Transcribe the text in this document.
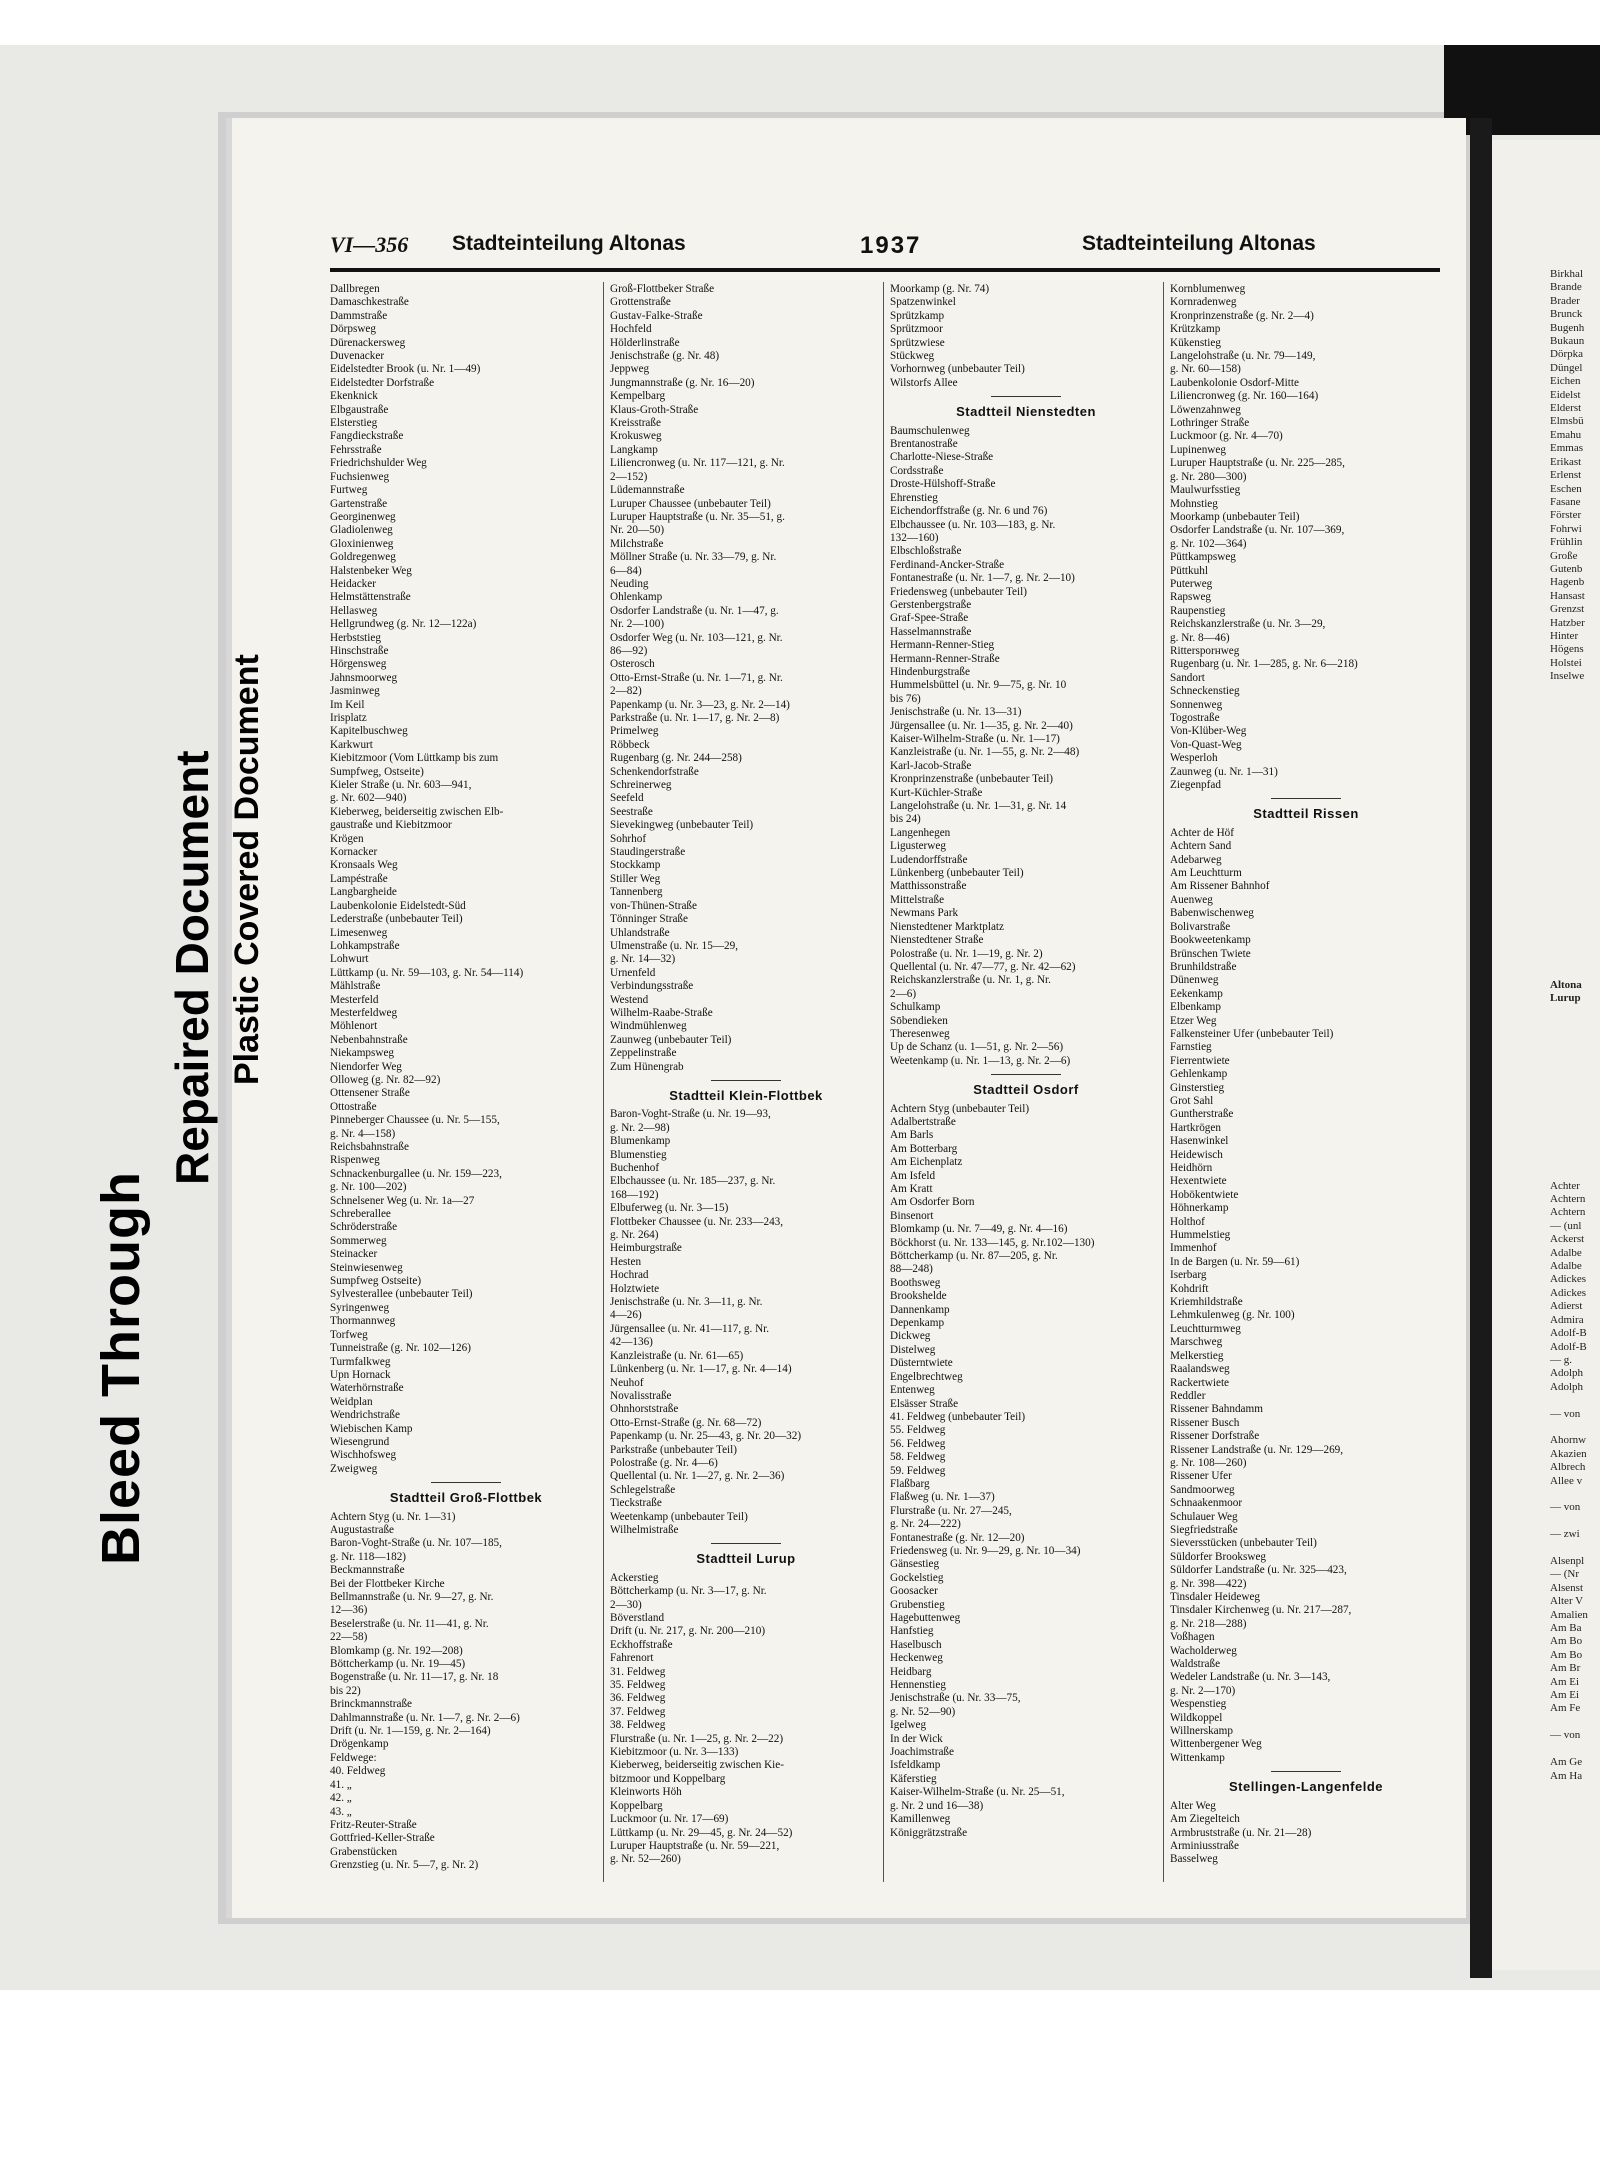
Bleed Through
Repaired Document Plastic Covered Document
VI—356 Stadteinteilung Altonas	1937	Stadteinteilung Altonas
Dallbregen
Damaschkestraße
Dammstraße
Dörpsweg
Dürenackersweg
Duvenacker
Eidelstedter Brook (u. Nr. 1—49)
Eidelstedter Dorfstraße
Ekenknick
Elbgaustraße
Elsterstieg
Fangdieckstraße
Fehrsstraße
Friedrichshulder Weg
Fuchsienweg
Furtweg
Gartenstraße
Georginenweg
Gladiolenweg
Gloxinienweg
Goldregenweg
Halstenbeker Weg
Heidacker
Helmstättenstraße
Hellasweg
Hellgrundweg (g. Nr. 12—122a)
Herbststieg
Hinschstraße
Hörgensweg
Jahnsmoorweg
Jasminweg
Im Keil
Irisplatz
Kapitelbuschweg
Karkwurt
Kiebitzmoor (Vom Lüttkamp bis zum
Sumpfweg, Ostseite)
Kieler Straße (u. Nr. 603—941,
g. Nr. 602—940)
Kieberweg, beiderseitig zwischen Elb-
gaustraße und Kiebitzmoor
Krögen
Kornacker
Kronsaals Weg
Lampéstraße
Langbargheide
Laubenkolonie Eidelstedt-Süd
Lederstraße (unbebauter Teil)
Limesenweg
Lohkampstraße
Lohwurt
Lüttkamp (u. Nr. 59—103, g. Nr. 54—114)
Mählstraße
Mesterfeld
Mesterfeldweg
Möhlenort
Nebenbahnstraße
Niekampsweg
Niendorfer Weg
Olloweg (g. Nr. 82—92)
Ottensener Straße
Ottostraße
Pinneberger Chaussee (u. Nr. 5—155,
g. Nr. 4—158)
Reichsbahnstraße
Rispenweg
Schnackenburgallee (u. Nr. 159—223,
g. Nr. 100—202)
Schnelsener Weg (u. Nr. 1a—27
Schreberallee
Schröderstraße
Sommerweg
Steinacker
Steinwiesenweg
Sumpfweg Ostseite)
Sylvesterallee (unbebauter Teil)
Syringenweg
Thormannweg
Torfweg
Tunneistraße (g. Nr. 102—126)
Turmfalkweg
Upn Hornack
Waterhörnstraße
Weidplan
Wendrichstraße
Wiebischen Kamp
Wiesengrund
Wischhofsweg
Zweigweg
Stadtteil Groß-Flottbek
Achtern Styg (u. Nr. 1—31)
Augustastraße
Baron-Voght-Straße (u. Nr. 107—185,
g. Nr. 118—182)
Beckmannstraße
Bei der Flottbeker Kirche
Bellmannstraße (u. Nr. 9—27, g. Nr.
12—36)
Beselerstraße (u. Nr. 11—41, g. Nr.
22—58)
Blomkamp (g. Nr. 192—208)
Böttcherkamp (u. Nr. 19—45)
Bogenstraße (u. Nr. 11—17, g. Nr. 18
bis 22)
Brinckmannstraße
Dahlmannstraße (u. Nr. 1—7, g. Nr. 2—6)
Drift (u. Nr. 1—159, g. Nr. 2—164)
Drögenkamp
Feldwege:
40. Feldweg
41. „
42. „
43. „
Fritz-Reuter-Straße
Gottfried-Keller-Straße
Grabenstücken
Grenzstieg (u. Nr. 5—7, g. Nr. 2)
Groß-Flottbeker Straße
Grottenstraße
Gustav-Falke-Straße
Hochfeld
Hölderlinstraße
Jenischstraße (g. Nr. 48)
Jeppweg
Jungmannstraße (g. Nr. 16—20)
Kempelbarg
Klaus-Groth-Straße
Kreisstraße
Krokusweg
Langkamp
Liliencronweg (u. Nr. 117—121, g. Nr.
2—152)
Lüdemannstraße
Luruper Chaussee (unbebauter Teil)
Luruper Hauptstraße (u. Nr. 35—51, g.
Nr. 20—50)
Milchstraße
Möllner Straße (u. Nr. 33—79, g. Nr.
6—84)
Neuding
Ohlenkamp
Osdorfer Landstraße (u. Nr. 1—47, g.
Nr. 2—100)
Osdorfer Weg (u. Nr. 103—121, g. Nr.
86—92)
Osterosch
Otto-Ernst-Straße (u. Nr. 1—71, g. Nr.
2—82)
Papenkamp (u. Nr. 3—23, g. Nr. 2—14)
Parkstraße (u. Nr. 1—17, g. Nr. 2—8)
Primelweg
Röbbeck
Rugenbarg (g. Nr. 244—258)
Schenkendorfstraße
Schreinerweg
Seefeld
Seestraße
Sievekingweg (unbebauter Teil)
Sohrhof
Staudingerstraße
Stockkamp
Stiller Weg
Tannenberg
von-Thünen-Straße
Tönninger Straße
Uhlandstraße
Ulmenstraße (u. Nr. 15—29,
g. Nr. 14—32)
Urnenfeld
Verbindungsstraße
Westend
Wilhelm-Raabe-Straße
Windmühlenweg
Zaunweg (unbebauter Teil)
Zeppelinstraße
Zum Hünengrab
Stadtteil Klein-Flottbek
Baron-Voght-Straße (u. Nr. 19—93,
g. Nr. 2—98)
Blumenkamp
Blumenstieg
Buchenhof
Elbchaussee (u. Nr. 185—237, g. Nr.
168—192)
Elbuferweg (u. Nr. 3—15)
Flottbeker Chaussee (u. Nr. 233—243,
g. Nr. 264)
Heimburgstraße
Hesten
Hochrad
Holztwiete
Jenischstraße (u. Nr. 3—11, g. Nr.
4—26)
Jürgensallee (u. Nr. 41—117, g. Nr.
42—136)
Kanzleistraße (u. Nr. 61—65)
Lünkenberg (u. Nr. 1—17, g. Nr. 4—14)
Neuhof
Novalisstraße
Ohnhorststraße
Otto-Ernst-Straße (g. Nr. 68—72)
Papenkamp (u. Nr. 25—43, g. Nr. 20—32)
Parkstraße (unbebauter Teil)
Polostraße (g. Nr. 4—6)
Quellental (u. Nr. 1—27, g. Nr. 2—36)
Schlegelstraße
Tieckstraße
Weetenkamp (unbebauter Teil)
Wilhelmistraße
Stadtteil Lurup
Ackerstieg
Böttcherkamp (u. Nr. 3—17, g. Nr.
2—30)
Böverstland
Drift (u. Nr. 217, g. Nr. 200—210)
Eckhoffstraße
Fahrenort
31. Feldweg
35. Feldweg
36. Feldweg
37. Feldweg
38. Feldweg
Flurstraße (u. Nr. 1—25, g. Nr. 2—22)
Kiebitzmoor (u. Nr. 3—133)
Kieberweg, beiderseitig zwischen Kie-
bitzmoor und Koppelbarg
Kleinworts Höh
Koppelbarg
Luckmoor (u. Nr. 17—69)
Lüttkamp (u. Nr. 29—45, g. Nr. 24—52)
Luruper Hauptstraße (u. Nr. 59—221,
g. Nr. 52—260)
Moorkamp (g. Nr. 74)
Spatzenwinkel
Sprützkamp
Sprützmoor
Sprützwiese
Stückweg
Vorhornweg (unbebauter Teil)
Wilstorfs Allee
Stadtteil Nienstedten
Baumschulenweg
Brentanostraße
Charlotte-Niese-Straße
Cordsstraße
Droste-Hülshoff-Straße
Ehrenstieg
Eichendorffstraße (g. Nr. 6 und 76)
Elbchaussee (u. Nr. 103—183, g. Nr.
132—160)
Elbschloßstraße
Ferdinand-Ancker-Straße
Fontanestraße (u. Nr. 1—7, g. Nr. 2—10)
Friedensweg (unbebauter Teil)
Gerstenbergstraße
Graf-Spee-Straße
Hasselmannstraße
Hermann-Renner-Stieg
Hermann-Renner-Straße
Hindenburgstraße
Hummelsbüttel (u. Nr. 9—75, g. Nr. 10
bis 76)
Jenischstraße (u. Nr. 13—31)
Jürgensallee (u. Nr. 1—35, g. Nr. 2—40)
Kaiser-Wilhelm-Straße (u. Nr. 1—17)
Kanzleistraße (u. Nr. 1—55, g. Nr. 2—48)
Karl-Jacob-Straße
Kronprinzenstraße (unbebauter Teil)
Kurt-Küchler-Straße
Langelohstraße (u. Nr. 1—31, g. Nr. 14
bis 24)
Langenhegen
Ligusterweg
Ludendorffstraße
Lünkenberg (unbebauter Teil)
Matthissonstraße
Mittelstraße
Newmans Park
Nienstedtener Marktplatz
Nienstedtener Straße
Polostraße (u. Nr. 1—19, g. Nr. 2)
Quellental (u. Nr. 47—77, g. Nr. 42—62)
Reichskanzlerstraße (u. Nr. 1, g. Nr.
2—6)
Schulkamp
Sōbendieken
Theresenweg
Up de Schanz (u. 1—51, g. Nr. 2—56)
Weetenkamp (u. Nr. 1—13, g. Nr. 2—6)
Stadtteil Osdorf
Achtern Styg (unbebauter Teil)
Adalbertstraße
Am Barls
Am Botterbarg
Am Eichenplatz
Am Isfeld
Am Kratt
Am Osdorfer Born
Binsenort
Blomkamp (u. Nr. 7—49, g. Nr. 4—16)
Böckhorst (u. Nr. 133—145, g. Nr.102—130)
Böttcherkamp (u. Nr. 87—205, g. Nr.
88—248)
Boothsweg
Brookshelde
Dannenkamp
Depenkamp
Dickweg
Distelweg
Düsterntwiete
Engelbrechtweg
Entenweg
Elsässer Straße
41. Feldweg (unbebauter Teil)
55. Feldweg
56. Feldweg
58. Feldweg
59. Feldweg
Flaßbarg
Flaßweg (u. Nr. 1—37)
Flurstraße (u. Nr. 27—245,
g. Nr. 24—222)
Fontanestraße (g. Nr. 12—20)
Friedensweg (u. Nr. 9—29, g. Nr. 10—34)
Gänsestieg
Gockelstieg
Goosacker
Grubenstieg
Hagebuttenweg
Hanfstieg
Haselbusch
Heckenweg
Heidbarg
Hennenstieg
Jenischstraße (u. Nr. 33—75,
g. Nr. 52—90)
Igelweg
In der Wick
Joachimstraße
Isfeldkamp
Käferstieg
Kaiser-Wilhelm-Straße (u. Nr. 25—51,
g. Nr. 2 und 16—38)
Kamillenweg
Königgrätzstraße
Kornblumenweg
Kornradenweg
Kronprinzenstraße (g. Nr. 2—4)
Krützkamp
Kükenstieg
Langelohstraße (u. Nr. 79—149,
g. Nr. 60—158)
Laubenkolonie Osdorf-Mitte
Liliencronweg (g. Nr. 160—164)
Löwenzahnweg
Lothringer Straße
Luckmoor (g. Nr. 4—70)
Lupinenweg
Luruper Hauptstraße (u. Nr. 225—285,
g. Nr. 280—300)
Maulwurfsstieg
Mohnstieg
Moorkamp (unbebauter Teil)
Osdorfer Landstraße (u. Nr. 107—369,
g. Nr. 102—364)
Püttkampsweg
Püttkuhl
Puterweg
Rapsweg
Raupenstieg
Reichskanzlerstraße (u. Nr. 3—29,
g. Nr. 8—46)
Rittersporнweg
Rugenbarg (u. Nr. 1—285, g. Nr. 6—218)
Sandort
Schneckenstieg
Sonnenweg
Togostraße
Von-Klüber-Weg
Von-Quast-Weg
Wesperloh
Zaunweg (u. Nr. 1—31)
Ziegenpfad
Stadtteil Rissen
Achter de Höf
Achtern Sand
Adebarweg
Am Leuchtturm
Am Rissener Bahnhof
Auenweg
Babenwischenweg
Bolivarstraße
Bookweetenkamp
Brünschen Twiete
Brunhildstraße
Dünenweg
Eekenkamp
Elbenkamp
Etzer Weg
Falkensteiner Ufer (unbebauter Teil)
Farnstieg
Fierrentwiete
Gehlenkamp
Ginsterstieg
Grot Sahl
Guntherstraße
Hartkrögen
Hasenwinkel
Heidewisch
Heidhörn
Hexentwiete
Hobökentwiete
Höhnerkamp
Holthof
Hummelstieg
Immenhof
In de Bargen (u. Nr. 59—61)
Iserbarg
Kohdrift
Kriemhildstraße
Lehmkulenweg (g. Nr. 100)
Leuchtturmweg
Marschweg
Melkerstieg
Raalandsweg
Rackertwiete
Reddler
Rissener Bahndamm
Rissener Busch
Rissener Dorfstraße
Rissener Landstraße (u. Nr. 129—269,
g. Nr. 108—260)
Rissener Ufer
Sandmoorweg
Schnaakenmoor
Schulauer Weg
Siegfriedstraße
Sieversstücken (unbebauter Teil)
Süldorfer Brooksweg
Süldorfer Landstraße (u. Nr. 325—423,
g. Nr. 398—422)
Tinsdaler Heideweg
Tinsdaler Kirchenweg (u. Nr. 217—287,
g. Nr. 218—288)
Voßhagen
Wacholderweg
Waldstraße
Wedeler Landstraße (u. Nr. 3—143,
g. Nr. 2—170)
Wespenstieg
Wildkoppel
Willnerskamp
Wittenbergener Weg
Wittenkamp
Stellingen-Langenfelde
Alter Weg
Am Ziegelteich
Armbruststraße (u. Nr. 21—28)
Arminiusstraße
Basselweg
Birkhal
Brande
Brader
Brunck
Bugenh
Bukaun
Dörpka
Düngel
Eichen
Eidelst
Elderst
Elmsbü
Emahu
Emmas
Erikast
Erlenst
Eschen
Fasane
Förster
Fohrwi
Frühlin
Große
Gutenb
Hagenb
Hansast
Grenzst
Hatzber
Hinter
Högens
Holstei
Inselwe

Altona
Lurup

Achter
Achtern
Achtern
— (unl
Ackerst
Adalbe
Adalbe
Adickes
Adickes
Adierst
Admira
Adolf-B
Adolf-B
— g.
Adolph
Adolph

— von

Ahornw
Akazien
Albrech
Allee v

— von

— zwi

Alsenpl
— (Nr
Alsenst
Alter V
Amalien
Am Ba
Am Bo
Am Bo
Am Br
Am Ei
Am Ei
Am Fe

— von

Am Ge
Am Ha
